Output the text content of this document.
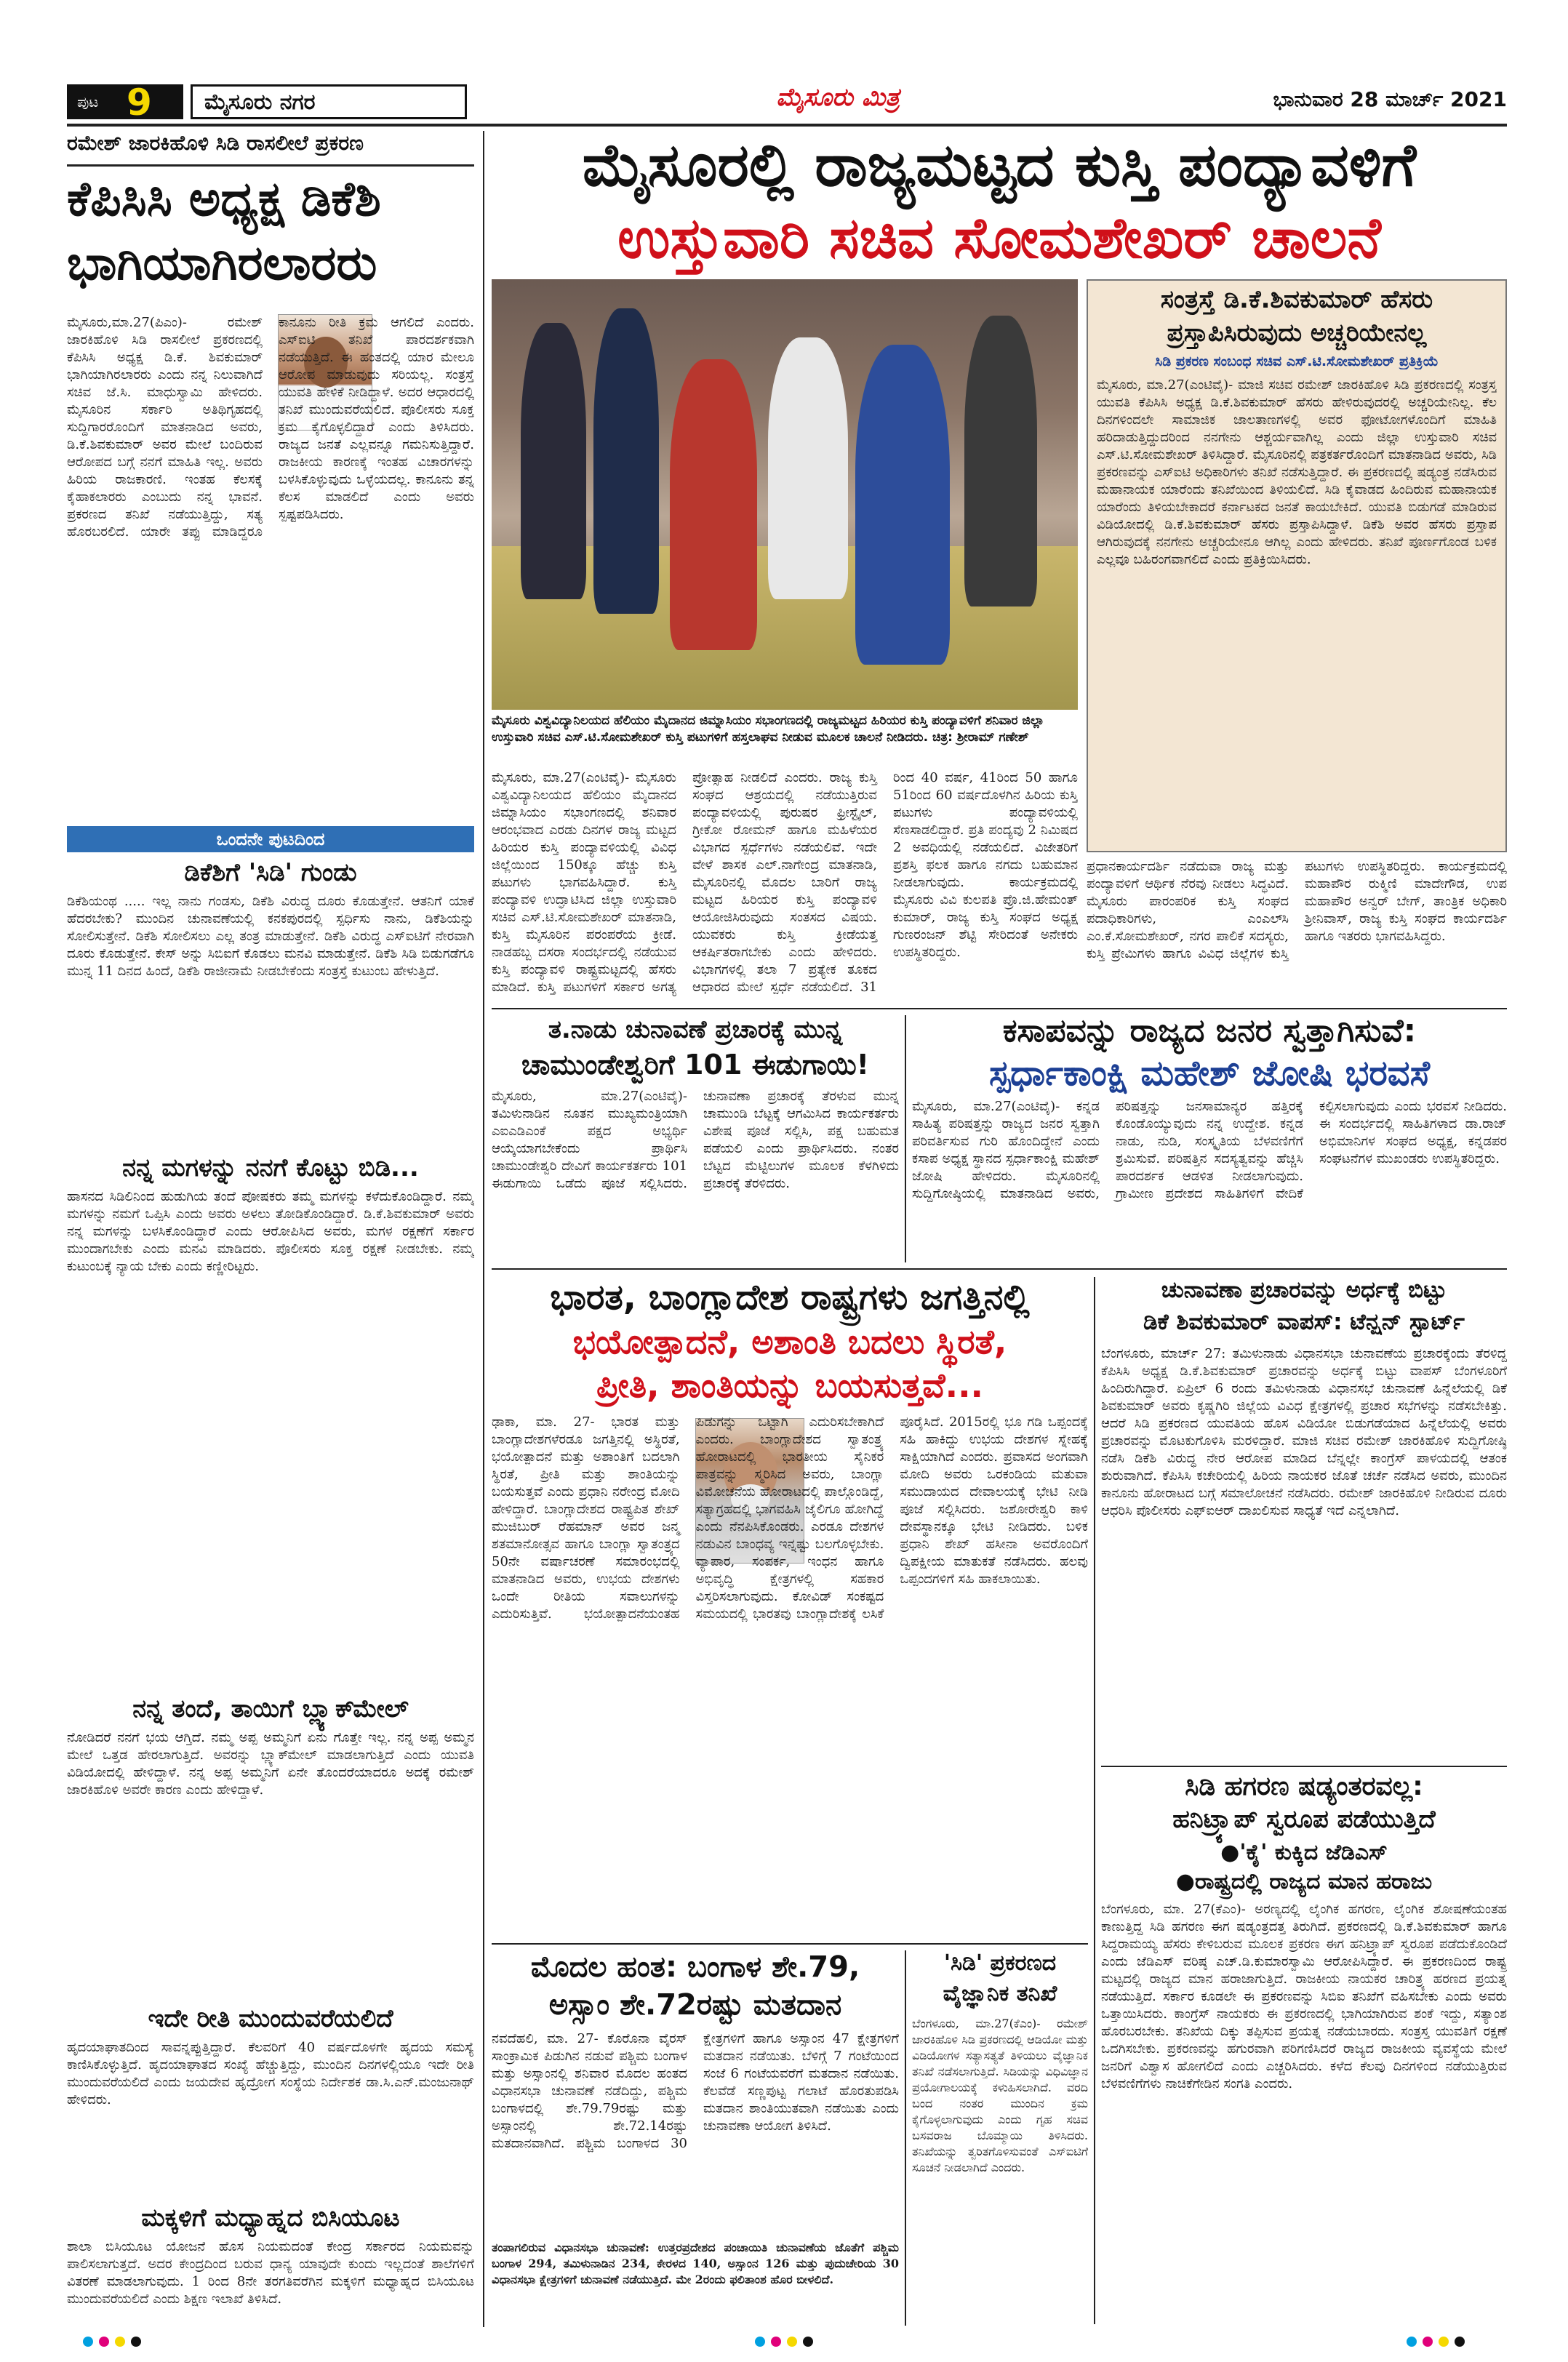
ಪುಟ 9	ಮೈಸೂರು ನಗರ	ಮೈಸೂರು ಮಿತ್ರ	ಭಾನುವಾರ 28 ಮಾರ್ಚ್ 2021
ರಮೇಶ್ ಜಾರಕಿಹೊಳಿ ಸಿಡಿ ರಾಸಲೀಲೆ ಪ್ರಕರಣ
ಕೆಪಿಸಿಸಿ ಅಧ್ಯಕ್ಷ ಡಿಕೆಶಿ
ಭಾಗಿಯಾಗಿರಲಾರರು
ಮೈಸೂರು,ಮಾ.27(ಪಿಎಂ)- ರಮೇಶ್ ಜಾರಕಿಹೊಳಿ ಸಿಡಿ ರಾಸಲೀಲೆ ಪ್ರಕರಣದಲ್ಲಿ ಕೆಪಿಸಿಸಿ ಅಧ್ಯಕ್ಷ ಡಿ.ಕೆ. ಶಿವಕುಮಾರ್ ಭಾಗಿಯಾಗಿರಲಾರರು ಎಂದು ನನ್ನ ನಿಲುವಾಗಿದೆ ಸಚಿವ ಜೆ.ಸಿ. ಮಾಧುಸ್ವಾಮಿ ಹೇಳಿದರು. ಮೈಸೂರಿನ ಸರ್ಕಾರಿ ಅತಿಥಿಗೃಹದಲ್ಲಿ ಸುದ್ದಿಗಾರರೊಂದಿಗೆ ಮಾತನಾಡಿದ ಅವರು, ಡಿ.ಕೆ.ಶಿವಕುಮಾರ್ ಅವರ ಮೇಲೆ ಬಂದಿರುವ ಆರೋಪದ ಬಗ್ಗೆ ನನಗೆ ಮಾಹಿತಿ ಇಲ್ಲ. ಅವರು ಹಿರಿಯ ರಾಜಕಾರಣಿ. ಇಂತಹ ಕೆಲಸಕ್ಕೆ ಕೈಹಾಕಲಾರರು ಎಂಬುದು ನನ್ನ ಭಾವನೆ. ಪ್ರಕರಣದ ತನಿಖೆ ನಡೆಯುತ್ತಿದ್ದು, ಸತ್ಯ ಹೊರಬರಲಿದೆ. ಯಾರೇ ತಪ್ಪು ಮಾಡಿದ್ದರೂ ಕಾನೂನು ರೀತಿ ಕ್ರಮ ಆಗಲಿದೆ ಎಂದರು. ಎಸ್‍ಐಟಿ ತನಿಖೆ ಪಾರದರ್ಶಕವಾಗಿ ನಡೆಯುತ್ತಿದೆ. ಈ ಹಂತದಲ್ಲಿ ಯಾರ ಮೇಲೂ ಆರೋಪ ಮಾಡುವುದು ಸರಿಯಲ್ಲ. ಸಂತ್ರಸ್ತೆ ಯುವತಿ ಹೇಳಿಕೆ ನೀಡಿದ್ದಾಳೆ. ಅದರ ಆಧಾರದಲ್ಲಿ ತನಿಖೆ ಮುಂದುವರೆಯಲಿದೆ. ಪೊಲೀಸರು ಸೂಕ್ತ ಕ್ರಮ ಕೈಗೊಳ್ಳಲಿದ್ದಾರೆ ಎಂದು ತಿಳಿಸಿದರು. ರಾಜ್ಯದ ಜನತೆ ಎಲ್ಲವನ್ನೂ ಗಮನಿಸುತ್ತಿದ್ದಾರೆ. ರಾಜಕೀಯ ಕಾರಣಕ್ಕೆ ಇಂತಹ ವಿಚಾರಗಳನ್ನು ಬಳಸಿಕೊಳ್ಳುವುದು ಒಳ್ಳೆಯದಲ್ಲ. ಕಾನೂನು ತನ್ನ ಕೆಲಸ ಮಾಡಲಿದೆ ಎಂದು ಅವರು ಸ್ಪಷ್ಟಪಡಿಸಿದರು.
ಒಂದನೇ ಪುಟದಿಂದ
ಡಿಕೆಶಿಗೆ 'ಸಿಡಿ' ಗುಂಡು
ಡಿಕೆಶಿಯಂಥ ..... ಇಲ್ಲ ನಾನು ಗಂಡಸು, ಡಿಕೆಶಿ ವಿರುದ್ಧ ದೂರು ಕೊಡುತ್ತೇನೆ. ಆತನಿಗೆ ಯಾಕೆ ಹೆದರಬೇಕು? ಮುಂದಿನ ಚುನಾವಣೆಯಲ್ಲಿ ಕನಕಪುರದಲ್ಲಿ ಸ್ಪರ್ಧಿಸು ನಾನು, ಡಿಕೆಶಿಯನ್ನು ಸೋಲಿಸುತ್ತೇನೆ. ಡಿಕೆಶಿ ಸೋಲಿಸಲು ಎಲ್ಲ ತಂತ್ರ ಮಾಡುತ್ತೇನೆ. ಡಿಕೆಶಿ ವಿರುದ್ಧ ಎಸ್‍ಐಟಿಗೆ ನೇರವಾಗಿ ದೂರು ಕೊಡುತ್ತೇನೆ. ಕೇಸ್ ಅನ್ನು ಸಿಬಿಐಗೆ ಕೊಡಲು ಮನವಿ ಮಾಡುತ್ತೇನೆ. ಡಿಕೆಶಿ ಸಿಡಿ ಬಿಡುಗಡೆಗೂ ಮುನ್ನ 11 ದಿನದ ಹಿಂದೆ, ಡಿಕೆಶಿ ರಾಜೀನಾಮೆ ನೀಡಬೇಕೆಂದು ಸಂತ್ರಸ್ತೆ ಕುಟುಂಬ ಹೇಳುತ್ತಿದೆ.
ನನ್ನ ಮಗಳನ್ನು ನನಗೆ ಕೊಟ್ಟು ಬಿಡಿ...
ಹಾಸನದ ಸಿಡಿಲಿನಿಂದ ಹುಡುಗಿಯ ತಂದೆ ಪೋಷಕರು ತಮ್ಮ ಮಗಳನ್ನು ಕಳೆದುಕೊಂಡಿದ್ದಾರೆ. ನಮ್ಮ ಮಗಳನ್ನು ನಮಗೆ ಒಪ್ಪಿಸಿ ಎಂದು ಅವರು ಅಳಲು ತೋಡಿಕೊಂಡಿದ್ದಾರೆ. ಡಿ.ಕೆ.ಶಿವಕುಮಾರ್ ಅವರು ನನ್ನ ಮಗಳನ್ನು ಬಳಸಿಕೊಂಡಿದ್ದಾರೆ ಎಂದು ಆರೋಪಿಸಿದ ಅವರು, ಮಗಳ ರಕ್ಷಣೆಗೆ ಸರ್ಕಾರ ಮುಂದಾಗಬೇಕು ಎಂದು ಮನವಿ ಮಾಡಿದರು. ಪೊಲೀಸರು ಸೂಕ್ತ ರಕ್ಷಣೆ ನೀಡಬೇಕು. ನಮ್ಮ ಕುಟುಂಬಕ್ಕೆ ನ್ಯಾಯ ಬೇಕು ಎಂದು ಕಣ್ಣೀರಿಟ್ಟರು.
ನನ್ನ ತಂದೆ, ತಾಯಿಗೆ ಬ್ಲ್ಯಾಕ್‍ಮೇಲ್
ನೋಡಿದರೆ ನನಗೆ ಭಯ ಆಗ್ತಿದೆ. ನಮ್ಮ ಅಪ್ಪ ಅಮ್ಮನಿಗೆ ಏನು ಗೊತ್ತೇ ಇಲ್ಲ. ನನ್ನ ಅಪ್ಪ ಅಮ್ಮನ ಮೇಲೆ ಒತ್ತಡ ಹೇರಲಾಗುತ್ತಿದೆ. ಅವರನ್ನು ಬ್ಲ್ಯಾಕ್‍ಮೇಲ್ ಮಾಡಲಾಗುತ್ತಿದೆ ಎಂದು ಯುವತಿ ವಿಡಿಯೋದಲ್ಲಿ ಹೇಳಿದ್ದಾಳೆ. ನನ್ನ ಅಪ್ಪ ಅಮ್ಮನಿಗೆ ಏನೇ ತೊಂದರೆಯಾದರೂ ಅದಕ್ಕೆ ರಮೇಶ್ ಜಾರಕಿಹೊಳಿ ಅವರೇ ಕಾರಣ ಎಂದು ಹೇಳಿದ್ದಾಳೆ.
ಇದೇ ರೀತಿ ಮುಂದುವರೆಯಲಿದೆ
ಹೃದಯಾಘಾತದಿಂದ ಸಾವನ್ನಪ್ಪುತ್ತಿದ್ದಾರೆ. ಕೆಲವರಿಗೆ 40 ವರ್ಷದೊಳಗೇ ಹೃದಯ ಸಮಸ್ಯೆ ಕಾಣಿಸಿಕೊಳ್ಳುತ್ತಿದೆ. ಹೃದಯಾಘಾತದ ಸಂಖ್ಯೆ ಹೆಚ್ಚುತ್ತಿದ್ದು, ಮುಂದಿನ ದಿನಗಳಲ್ಲಿಯೂ ಇದೇ ರೀತಿ ಮುಂದುವರೆಯಲಿದೆ ಎಂದು ಜಯದೇವ ಹೃದ್ರೋಗ ಸಂಸ್ಥೆಯ ನಿರ್ದೇಶಕ ಡಾ.ಸಿ.ಎನ್.ಮಂಜುನಾಥ್ ಹೇಳಿದರು.
ಮಕ್ಕಳಿಗೆ ಮಧ್ಯಾಹ್ನದ ಬಿಸಿಯೂಟ
ಶಾಲಾ ಬಿಸಿಯೂಟ ಯೋಜನೆ ಹೊಸ ನಿಯಮದಂತೆ ಕೇಂದ್ರ ಸರ್ಕಾರದ ನಿಯಮವನ್ನು ಪಾಲಿಸಲಾಗುತ್ತದೆ. ಅದರ ಕೇಂದ್ರದಿಂದ ಬರುವ ಧಾನ್ಯ ಯಾವುದೇ ಕುಂದು ಇಲ್ಲದಂತೆ ಶಾಲೆಗಳಿಗೆ ವಿತರಣೆ ಮಾಡಲಾಗುವುದು. 1 ರಿಂದ 8ನೇ ತರಗತಿವರೆಗಿನ ಮಕ್ಕಳಿಗೆ ಮಧ್ಯಾಹ್ನದ ಬಿಸಿಯೂಟ ಮುಂದುವರೆಯಲಿದೆ ಎಂದು ಶಿಕ್ಷಣ ಇಲಾಖೆ ತಿಳಿಸಿದೆ.
ಮೈಸೂರಲ್ಲಿ ರಾಜ್ಯಮಟ್ಟದ ಕುಸ್ತಿ ಪಂದ್ಯಾವಳಿಗೆ
ಉಸ್ತುವಾರಿ ಸಚಿವ ಸೋಮಶೇಖರ್ ಚಾಲನೆ
ಮೈಸೂರು ವಿಶ್ವವಿದ್ಯಾನಿಲಯದ ಹೆಲಿಯಂ ಮೈದಾನದ ಜಿಮ್ನಾಸಿಯಂ ಸಭಾಂಗಣದಲ್ಲಿ ರಾಜ್ಯಮಟ್ಟದ ಹಿರಿಯರ ಕುಸ್ತಿ ಪಂದ್ಯಾವಳಿಗೆ ಶನಿವಾರ ಜಿಲ್ಲಾ ಉಸ್ತುವಾರಿ ಸಚಿವ ಎಸ್.ಟಿ.ಸೋಮಶೇಖರ್ ಕುಸ್ತಿ ಪಟುಗಳಿಗೆ ಹಸ್ತಲಾಘವ ನೀಡುವ ಮೂಲಕ ಚಾಲನೆ ನೀಡಿದರು. ಚಿತ್ರ: ಶ್ರೀರಾಮ್ ಗಣೇಶ್
ಮೈಸೂರು, ಮಾ.27(ಎಂಟಿವೈ)- ಮೈಸೂರು ವಿಶ್ವವಿದ್ಯಾನಿಲಯದ ಹೆಲಿಯಂ ಮೈದಾನದ ಜಿಮ್ನಾಸಿಯಂ ಸಭಾಂಗಣದಲ್ಲಿ ಶನಿವಾರ ಆರಂಭವಾದ ಎರಡು ದಿನಗಳ ರಾಜ್ಯ ಮಟ್ಟದ ಹಿರಿಯರ ಕುಸ್ತಿ ಪಂದ್ಯಾವಳಿಯಲ್ಲಿ ವಿವಿಧ ಜಿಲ್ಲೆಯಿಂದ 150ಕ್ಕೂ ಹೆಚ್ಚು ಕುಸ್ತಿ ಪಟುಗಳು ಭಾಗವಹಿಸಿದ್ದಾರೆ. ಕುಸ್ತಿ ಪಂದ್ಯಾವಳಿ ಉದ್ಘಾಟಿಸಿದ ಜಿಲ್ಲಾ ಉಸ್ತುವಾರಿ ಸಚಿವ ಎಸ್.ಟಿ.ಸೋಮಶೇಖರ್ ಮಾತನಾಡಿ, ಕುಸ್ತಿ ಮೈಸೂರಿನ ಪರಂಪರೆಯ ಕ್ರೀಡೆ. ನಾಡಹಬ್ಬ ದಸರಾ ಸಂದರ್ಭದಲ್ಲಿ ನಡೆಯುವ ಕುಸ್ತಿ ಪಂದ್ಯಾವಳಿ ರಾಷ್ಟ್ರಮಟ್ಟದಲ್ಲಿ ಹೆಸರು ಮಾಡಿದೆ. ಕುಸ್ತಿ ಪಟುಗಳಿಗೆ ಸರ್ಕಾರ ಅಗತ್ಯ ಪ್ರೋತ್ಸಾಹ ನೀಡಲಿದೆ ಎಂದರು. ರಾಜ್ಯ ಕುಸ್ತಿ ಸಂಘದ ಆಶ್ರಯದಲ್ಲಿ ನಡೆಯುತ್ತಿರುವ ಪಂದ್ಯಾವಳಿಯಲ್ಲಿ ಪುರುಷರ ಫ್ರೀಸ್ಟೈಲ್, ಗ್ರೀಕೋ ರೋಮನ್ ಹಾಗೂ ಮಹಿಳೆಯರ ವಿಭಾಗದ ಸ್ಪರ್ಧೆಗಳು ನಡೆಯಲಿವೆ. ಇದೇ ವೇಳೆ ಶಾಸಕ ಎಲ್.ನಾಗೇಂದ್ರ ಮಾತನಾಡಿ, ಮೈಸೂರಿನಲ್ಲಿ ಮೊದಲ ಬಾರಿಗೆ ರಾಜ್ಯ ಮಟ್ಟದ ಹಿರಿಯರ ಕುಸ್ತಿ ಪಂದ್ಯಾವಳಿ ಆಯೋಜಿಸಿರುವುದು ಸಂತಸದ ವಿಷಯ. ಯುವಕರು ಕುಸ್ತಿ ಕ್ರೀಡೆಯತ್ತ ಆಕರ್ಷಿತರಾಗಬೇಕು ಎಂದು ಹೇಳಿದರು. ವಿಭಾಗಗಳಲ್ಲಿ ತಲಾ 7 ಪ್ರತ್ಯೇಕ ತೂಕದ ಆಧಾರದ ಮೇಲೆ ಸ್ಪರ್ಧೆ ನಡೆಯಲಿದೆ. 31 ರಿಂದ 40 ವರ್ಷ, 41ರಿಂದ 50 ಹಾಗೂ 51ರಿಂದ 60 ವರ್ಷದೊಳಗಿನ ಹಿರಿಯ ಕುಸ್ತಿ ಪಟುಗಳು ಪಂದ್ಯಾವಳಿಯಲ್ಲಿ ಸೆಣಸಾಡಲಿದ್ದಾರೆ. ಪ್ರತಿ ಪಂದ್ಯವು 2 ನಿಮಿಷದ 2 ಅವಧಿಯಲ್ಲಿ ನಡೆಯಲಿದೆ. ವಿಜೇತರಿಗೆ ಪ್ರಶಸ್ತಿ ಫಲಕ ಹಾಗೂ ನಗದು ಬಹುಮಾನ ನೀಡಲಾಗುವುದು. ಕಾರ್ಯಕ್ರಮದಲ್ಲಿ ಮೈಸೂರು ವಿವಿ ಕುಲಪತಿ ಪ್ರೊ.ಜಿ.ಹೇಮಂತ್ ಕುಮಾರ್, ರಾಜ್ಯ ಕುಸ್ತಿ ಸಂಘದ ಅಧ್ಯಕ್ಷ ಗುಣರಂಜನ್ ಶೆಟ್ಟಿ ಸೇರಿದಂತೆ ಅನೇಕರು ಉಪಸ್ಥಿತರಿದ್ದರು.
ಸಂತ್ರಸ್ತೆ ಡಿ.ಕೆ.ಶಿವಕುಮಾರ್ ಹೆಸರು
ಪ್ರಸ್ತಾಪಿಸಿರುವುದು ಅಚ್ಚರಿಯೇನಲ್ಲ
ಸಿಡಿ ಪ್ರಕರಣ ಸಂಬಂಧ ಸಚಿವ ಎಸ್.ಟಿ.ಸೋಮಶೇಖರ್ ಪ್ರತಿಕ್ರಿಯೆ
ಮೈಸೂರು, ಮಾ.27(ಎಂಟಿವೈ)- ಮಾಜಿ ಸಚಿವ ರಮೇಶ್ ಜಾರಕಿಹೊಳಿ ಸಿಡಿ ಪ್ರಕರಣದಲ್ಲಿ ಸಂತ್ರಸ್ತ ಯುವತಿ ಕೆಪಿಸಿಸಿ ಅಧ್ಯಕ್ಷ ಡಿ.ಕೆ.ಶಿವಕುಮಾರ್ ಹೆಸರು ಹೇಳಿರುವುದರಲ್ಲಿ ಅಚ್ಚರಿಯೇನಿಲ್ಲ. ಕೆಲ ದಿನಗಳಿಂದಲೇ ಸಾಮಾಜಿಕ ಜಾಲತಾಣಗಳಲ್ಲಿ ಅವರ ಫೋಟೋಗಳೊಂದಿಗೆ ಮಾಹಿತಿ ಹರಿದಾಡುತ್ತಿದ್ದುದರಿಂದ ನನಗೇನು ಆಶ್ಚರ್ಯವಾಗಿಲ್ಲ ಎಂದು ಜಿಲ್ಲಾ ಉಸ್ತುವಾರಿ ಸಚಿವ ಎಸ್.ಟಿ.ಸೋಮಶೇಖರ್ ತಿಳಿಸಿದ್ದಾರೆ. ಮೈಸೂರಿನಲ್ಲಿ ಪತ್ರಕರ್ತರೊಂದಿಗೆ ಮಾತನಾಡಿದ ಅವರು, ಸಿಡಿ ಪ್ರಕರಣವನ್ನು ಎಸ್‍ಐಟಿ ಅಧಿಕಾರಿಗಳು ತನಿಖೆ ನಡೆಸುತ್ತಿದ್ದಾರೆ. ಈ ಪ್ರಕರಣದಲ್ಲಿ ಷಡ್ಯಂತ್ರ ನಡೆಸಿರುವ ಮಹಾನಾಯಕ ಯಾರೆಂದು ತನಿಖೆಯಿಂದ ತಿಳಿಯಲಿದೆ. ಸಿಡಿ ಕೈವಾಡದ ಹಿಂದಿರುವ ಮಹಾನಾಯಕ ಯಾರೆಂದು ತಿಳಿಯಬೇಕಾದರೆ ಕರ್ನಾಟಕದ ಜನತೆ ಕಾಯಬೇಕಿದೆ. ಯುವತಿ ಬಿಡುಗಡೆ ಮಾಡಿರುವ ವಿಡಿಯೋದಲ್ಲಿ ಡಿ.ಕೆ.ಶಿವಕುಮಾರ್ ಹೆಸರು ಪ್ರಸ್ತಾಪಿಸಿದ್ದಾಳೆ. ಡಿಕೆಶಿ ಅವರ ಹೆಸರು ಪ್ರಸ್ತಾಪ ಆಗಿರುವುದಕ್ಕೆ ನನಗೇನು ಅಚ್ಚರಿಯೇನೂ ಆಗಿಲ್ಲ ಎಂದು ಹೇಳಿದರು. ತನಿಖೆ ಪೂರ್ಣಗೊಂಡ ಬಳಿಕ ಎಲ್ಲವೂ ಬಹಿರಂಗವಾಗಲಿದೆ ಎಂದು ಪ್ರತಿಕ್ರಿಯಿಸಿದರು.
ಪ್ರಧಾನಕಾರ್ಯದರ್ಶಿ ನಡೆದುವಾ ರಾಜ್ಯ ಮತ್ತು ಪಂದ್ಯಾವಳಿಗೆ ಆರ್ಥಿಕ ನೆರವು ನೀಡಲು ಸಿದ್ಧವಿದೆ. ಮೈಸೂರು ಪಾರಂಪರಿಕ ಕುಸ್ತಿ ಸಂಘದ ಪದಾಧಿಕಾರಿಗಳು, ಎಂಎಲ್‍ಸಿ ಎಂ.ಕೆ.ಸೋಮಶೇಖರ್, ನಗರ ಪಾಲಿಕೆ ಸದಸ್ಯರು, ಕುಸ್ತಿ ಪ್ರೇಮಿಗಳು ಹಾಗೂ ವಿವಿಧ ಜಿಲ್ಲೆಗಳ ಕುಸ್ತಿ ಪಟುಗಳು ಉಪಸ್ಥಿತರಿದ್ದರು. ಕಾರ್ಯಕ್ರಮದಲ್ಲಿ ಮಹಾಪೌರ ರುಕ್ಮಿಣಿ ಮಾದೇಗೌಡ, ಉಪ ಮಹಾಪೌರ ಅನ್ವರ್ ಬೇಗ್, ತಾಂತ್ರಿಕ ಅಧಿಕಾರಿ ಶ್ರೀನಿವಾಸ್, ರಾಜ್ಯ ಕುಸ್ತಿ ಸಂಘದ ಕಾರ್ಯದರ್ಶಿ ಹಾಗೂ ಇತರರು ಭಾಗವಹಿಸಿದ್ದರು.
ತ.ನಾಡು ಚುನಾವಣೆ ಪ್ರಚಾರಕ್ಕೆ ಮುನ್ನ
ಚಾಮುಂಡೇಶ್ವರಿಗೆ 101 ಈಡುಗಾಯಿ!
ಮೈಸೂರು, ಮಾ.27(ಎಂಟಿವೈ)- ತಮಿಳುನಾಡಿನ ನೂತನ ಮುಖ್ಯಮಂತ್ರಿಯಾಗಿ ಎಐಎಡಿಎಂಕೆ ಪಕ್ಷದ ಅಭ್ಯರ್ಥಿ ಆಯ್ಕೆಯಾಗಬೇಕೆಂದು ಪ್ರಾರ್ಥಿಸಿ ಚಾಮುಂಡೇಶ್ವರಿ ದೇವಿಗೆ ಕಾರ್ಯಕರ್ತರು 101 ಈಡುಗಾಯಿ ಒಡೆದು ಪೂಜೆ ಸಲ್ಲಿಸಿದರು. ಚುನಾವಣಾ ಪ್ರಚಾರಕ್ಕೆ ತೆರಳುವ ಮುನ್ನ ಚಾಮುಂಡಿ ಬೆಟ್ಟಕ್ಕೆ ಆಗಮಿಸಿದ ಕಾರ್ಯಕರ್ತರು ವಿಶೇಷ ಪೂಜೆ ಸಲ್ಲಿಸಿ, ಪಕ್ಷ ಬಹುಮತ ಪಡೆಯಲಿ ಎಂದು ಪ್ರಾರ್ಥಿಸಿದರು. ನಂತರ ಬೆಟ್ಟದ ಮೆಟ್ಟಿಲುಗಳ ಮೂಲಕ ಕೆಳಗಿಳಿದು ಪ್ರಚಾರಕ್ಕೆ ತೆರಳಿದರು.
ಕಸಾಪವನ್ನು ರಾಜ್ಯದ ಜನರ ಸ್ವತ್ತಾಗಿಸುವೆ:
ಸ್ಪರ್ಧಾಕಾಂಕ್ಷಿ ಮಹೇಶ್ ಜೋಷಿ ಭರವಸೆ
ಮೈಸೂರು, ಮಾ.27(ಎಂಟಿವೈ)- ಕನ್ನಡ ಸಾಹಿತ್ಯ ಪರಿಷತ್ತನ್ನು ರಾಜ್ಯದ ಜನರ ಸ್ವತ್ತಾಗಿ ಪರಿವರ್ತಿಸುವ ಗುರಿ ಹೊಂದಿದ್ದೇನೆ ಎಂದು ಕಸಾಪ ಅಧ್ಯಕ್ಷ ಸ್ಥಾನದ ಸ್ಪರ್ಧಾಕಾಂಕ್ಷಿ ಮಹೇಶ್ ಜೋಷಿ ಹೇಳಿದರು. ಮೈಸೂರಿನಲ್ಲಿ ಸುದ್ದಿಗೋಷ್ಠಿಯಲ್ಲಿ ಮಾತನಾಡಿದ ಅವರು, ಪರಿಷತ್ತನ್ನು ಜನಸಾಮಾನ್ಯರ ಹತ್ತಿರಕ್ಕೆ ಕೊಂಡೊಯ್ಯುವುದು ನನ್ನ ಉದ್ದೇಶ. ಕನ್ನಡ ನಾಡು, ನುಡಿ, ಸಂಸ್ಕೃತಿಯ ಬೆಳವಣಿಗೆಗೆ ಶ್ರಮಿಸುವೆ. ಪರಿಷತ್ತಿನ ಸದಸ್ಯತ್ವವನ್ನು ಹೆಚ್ಚಿಸಿ ಪಾರದರ್ಶಕ ಆಡಳಿತ ನೀಡಲಾಗುವುದು. ಗ್ರಾಮೀಣ ಪ್ರದೇಶದ ಸಾಹಿತಿಗಳಿಗೆ ವೇದಿಕೆ ಕಲ್ಪಿಸಲಾಗುವುದು ಎಂದು ಭರವಸೆ ನೀಡಿದರು. ಈ ಸಂದರ್ಭದಲ್ಲಿ ಸಾಹಿತಿಗಳಾದ ಡಾ.ರಾಜ್ ಅಭಿಮಾನಿಗಳ ಸಂಘದ ಅಧ್ಯಕ್ಷ, ಕನ್ನಡಪರ ಸಂಘಟನೆಗಳ ಮುಖಂಡರು ಉಪಸ್ಥಿತರಿದ್ದರು.
ಭಾರತ, ಬಾಂಗ್ಲಾದೇಶ ರಾಷ್ಟ್ರಗಳು ಜಗತ್ತಿನಲ್ಲಿ
ಭಯೋತ್ಪಾದನೆ, ಅಶಾಂತಿ ಬದಲು ಸ್ಥಿರತೆ,
ಪ್ರೀತಿ, ಶಾಂತಿಯನ್ನು ಬಯಸುತ್ತವೆ...
ಢಾಕಾ, ಮಾ. 27- ಭಾರತ ಮತ್ತು ಬಾಂಗ್ಲಾದೇಶಗಳೆರಡೂ ಜಗತ್ತಿನಲ್ಲಿ ಅಸ್ಥಿರತೆ, ಭಯೋತ್ಪಾದನೆ ಮತ್ತು ಅಶಾಂತಿಗೆ ಬದಲಾಗಿ ಸ್ಥಿರತೆ, ಪ್ರೀತಿ ಮತ್ತು ಶಾಂತಿಯನ್ನು ಬಯಸುತ್ತವೆ ಎಂದು ಪ್ರಧಾನಿ ನರೇಂದ್ರ ಮೋದಿ ಹೇಳಿದ್ದಾರೆ. ಬಾಂಗ್ಲಾದೇಶದ ರಾಷ್ಟ್ರಪಿತ ಶೇಖ್ ಮುಜಿಬುರ್ ರೆಹಮಾನ್ ಅವರ ಜನ್ಮ ಶತಮಾನೋತ್ಸವ ಹಾಗೂ ಬಾಂಗ್ಲಾ ಸ್ವಾತಂತ್ರ್ಯದ 50ನೇ ವರ್ಷಾಚರಣೆ ಸಮಾರಂಭದಲ್ಲಿ ಮಾತನಾಡಿದ ಅವರು, ಉಭಯ ದೇಶಗಳು ಒಂದೇ ರೀತಿಯ ಸವಾಲುಗಳನ್ನು ಎದುರಿಸುತ್ತಿವೆ. ಭಯೋತ್ಪಾದನೆಯಂತಹ ಪಿಡುಗನ್ನು ಒಟ್ಟಾಗಿ ಎದುರಿಸಬೇಕಾಗಿದೆ ಎಂದರು. ಬಾಂಗ್ಲಾದೇಶದ ಸ್ವಾತಂತ್ರ್ಯ ಹೋರಾಟದಲ್ಲಿ ಭಾರತೀಯ ಸೈನಿಕರ ಪಾತ್ರವನ್ನು ಸ್ಮರಿಸಿದ ಅವರು, ಬಾಂಗ್ಲಾ ವಿಮೋಚನೆಯ ಹೋರಾಟದಲ್ಲಿ ಪಾಲ್ಗೊಂಡಿದ್ದೆ, ಸತ್ಯಾಗ್ರಹದಲ್ಲಿ ಭಾಗವಹಿಸಿ ಜೈಲಿಗೂ ಹೋಗಿದ್ದೆ ಎಂದು ನೆನಪಿಸಿಕೊಂಡರು. ಎರಡೂ ದೇಶಗಳ ನಡುವಿನ ಬಾಂಧವ್ಯ ಇನ್ನಷ್ಟು ಬಲಗೊಳ್ಳಬೇಕು. ವ್ಯಾಪಾರ, ಸಂಪರ್ಕ, ಇಂಧನ ಹಾಗೂ ಅಭಿವೃದ್ಧಿ ಕ್ಷೇತ್ರಗಳಲ್ಲಿ ಸಹಕಾರ ವಿಸ್ತರಿಸಲಾಗುವುದು. ಕೋವಿಡ್ ಸಂಕಷ್ಟದ ಸಮಯದಲ್ಲಿ ಭಾರತವು ಬಾಂಗ್ಲಾದೇಶಕ್ಕೆ ಲಸಿಕೆ ಪೂರೈಸಿದೆ. 2015ರಲ್ಲಿ ಭೂ ಗಡಿ ಒಪ್ಪಂದಕ್ಕೆ ಸಹಿ ಹಾಕಿದ್ದು ಉಭಯ ದೇಶಗಳ ಸ್ನೇಹಕ್ಕೆ ಸಾಕ್ಷಿಯಾಗಿದೆ ಎಂದರು. ಪ್ರವಾಸದ ಅಂಗವಾಗಿ ಮೋದಿ ಅವರು ಒರಕಂಡಿಯ ಮತುವಾ ಸಮುದಾಯದ ದೇವಾಲಯಕ್ಕೆ ಭೇಟಿ ನೀಡಿ ಪೂಜೆ ಸಲ್ಲಿಸಿದರು. ಜಶೋರೇಶ್ವರಿ ಕಾಳಿ ದೇವಸ್ಥಾನಕ್ಕೂ ಭೇಟಿ ನೀಡಿದರು. ಬಳಿಕ ಪ್ರಧಾನಿ ಶೇಖ್ ಹಸೀನಾ ಅವರೊಂದಿಗೆ ದ್ವಿಪಕ್ಷೀಯ ಮಾತುಕತೆ ನಡೆಸಿದರು. ಹಲವು ಒಪ್ಪಂದಗಳಿಗೆ ಸಹಿ ಹಾಕಲಾಯಿತು.
ಚುನಾವಣಾ ಪ್ರಚಾರವನ್ನು ಅರ್ಧಕ್ಕೆ ಬಿಟ್ಟು
ಡಿಕೆ ಶಿವಕುಮಾರ್ ವಾಪಸ್: ಟೆನ್ಷನ್ ಸ್ಟಾರ್ಟ್
ಬೆಂಗಳೂರು, ಮಾರ್ಚ್ 27: ತಮಿಳುನಾಡು ವಿಧಾನಸಭಾ ಚುನಾವಣೆಯ ಪ್ರಚಾರಕ್ಕೆಂದು ತೆರಳಿದ್ದ ಕೆಪಿಸಿಸಿ ಅಧ್ಯಕ್ಷ ಡಿ.ಕೆ.ಶಿವಕುಮಾರ್ ಪ್ರಚಾರವನ್ನು ಅರ್ಧಕ್ಕೆ ಬಿಟ್ಟು ವಾಪಸ್ ಬೆಂಗಳೂರಿಗೆ ಹಿಂದಿರುಗಿದ್ದಾರೆ. ಏಪ್ರಿಲ್ 6 ರಂದು ತಮಿಳುನಾಡು ವಿಧಾನಸಭೆ ಚುನಾವಣೆ ಹಿನ್ನೆಲೆಯಲ್ಲಿ ಡಿಕೆ ಶಿವಕುಮಾರ್ ಅವರು ಕೃಷ್ಣಗಿರಿ ಜಿಲ್ಲೆಯ ವಿವಿಧ ಕ್ಷೇತ್ರಗಳಲ್ಲಿ ಪ್ರಚಾರ ಸಭೆಗಳನ್ನು ನಡೆಸಬೇಕಿತ್ತು. ಆದರೆ ಸಿಡಿ ಪ್ರಕರಣದ ಯುವತಿಯ ಹೊಸ ವಿಡಿಯೋ ಬಿಡುಗಡೆಯಾದ ಹಿನ್ನೆಲೆಯಲ್ಲಿ ಅವರು ಪ್ರಚಾರವನ್ನು ಮೊಟಕುಗೊಳಿಸಿ ಮರಳಿದ್ದಾರೆ. ಮಾಜಿ ಸಚಿವ ರಮೇಶ್ ಜಾರಕಿಹೊಳಿ ಸುದ್ದಿಗೋಷ್ಠಿ ನಡೆಸಿ ಡಿಕೆಶಿ ವಿರುದ್ಧ ನೇರ ಆರೋಪ ಮಾಡಿದ ಬೆನ್ನಲ್ಲೇ ಕಾಂಗ್ರೆಸ್ ಪಾಳಯದಲ್ಲಿ ಆತಂಕ ಶುರುವಾಗಿದೆ. ಕೆಪಿಸಿಸಿ ಕಚೇರಿಯಲ್ಲಿ ಹಿರಿಯ ನಾಯಕರ ಜೊತೆ ಚರ್ಚೆ ನಡೆಸಿದ ಅವರು, ಮುಂದಿನ ಕಾನೂನು ಹೋರಾಟದ ಬಗ್ಗೆ ಸಮಾಲೋಚನೆ ನಡೆಸಿದರು. ರಮೇಶ್ ಜಾರಕಿಹೊಳಿ ನೀಡಿರುವ ದೂರು ಆಧರಿಸಿ ಪೊಲೀಸರು ಎಫ್‍ಐಆರ್ ದಾಖಲಿಸುವ ಸಾಧ್ಯತೆ ಇದೆ ಎನ್ನಲಾಗಿದೆ.
ಸಿಡಿ ಹಗರಣ ಷಡ್ಯಂತರವಲ್ಲ:
ಹನಿಟ್ರ್ಯಾಪ್ ಸ್ವರೂಪ ಪಡೆಯುತ್ತಿದೆ
●'ಕೈ' ಕುಕ್ಕಿದ ಜೆಡಿಎಸ್
●ರಾಷ್ಟ್ರದಲ್ಲಿ ರಾಜ್ಯದ ಮಾನ ಹರಾಜು
ಬೆಂಗಳೂರು, ಮಾ. 27(ಕೆಎಂ)- ಅರಣ್ಯದಲ್ಲಿ ಲೈಂಗಿಕ ಹಗರಣ, ಲೈಂಗಿಕ ಶೋಷಣೆಯಂತಹ ಕಾಣುತ್ತಿದ್ದ ಸಿಡಿ ಹಗರಣ ಈಗ ಷಡ್ಯಂತ್ರದತ್ತ ತಿರುಗಿದೆ. ಪ್ರಕರಣದಲ್ಲಿ ಡಿ.ಕೆ.ಶಿವಕುಮಾರ್ ಹಾಗೂ ಸಿದ್ದರಾಮಯ್ಯ ಹೆಸರು ಕೇಳಿಬರುವ ಮೂಲಕ ಪ್ರಕರಣ ಈಗ ಹನಿಟ್ರ್ಯಾಪ್ ಸ್ವರೂಪ ಪಡೆದುಕೊಂಡಿದೆ ಎಂದು ಜೆಡಿಎಸ್ ವರಿಷ್ಠ ಎಚ್.ಡಿ.ಕುಮಾರಸ್ವಾಮಿ ಆರೋಪಿಸಿದ್ದಾರೆ. ಈ ಪ್ರಕರಣದಿಂದ ರಾಷ್ಟ್ರ ಮಟ್ಟದಲ್ಲಿ ರಾಜ್ಯದ ಮಾನ ಹರಾಜಾಗುತ್ತಿದೆ. ರಾಜಕೀಯ ನಾಯಕರ ಚಾರಿತ್ರ್ಯ ಹರಣದ ಪ್ರಯತ್ನ ನಡೆಯುತ್ತಿದೆ. ಸರ್ಕಾರ ಕೂಡಲೇ ಈ ಪ್ರಕರಣವನ್ನು ಸಿಬಿಐ ತನಿಖೆಗೆ ವಹಿಸಬೇಕು ಎಂದು ಅವರು ಒತ್ತಾಯಿಸಿದರು. ಕಾಂಗ್ರೆಸ್ ನಾಯಕರು ಈ ಪ್ರಕರಣದಲ್ಲಿ ಭಾಗಿಯಾಗಿರುವ ಶಂಕೆ ಇದ್ದು, ಸತ್ಯಾಂಶ ಹೊರಬರಬೇಕು. ತನಿಖೆಯ ದಿಕ್ಕು ತಪ್ಪಿಸುವ ಪ್ರಯತ್ನ ನಡೆಯಬಾರದು. ಸಂತ್ರಸ್ತ ಯುವತಿಗೆ ರಕ್ಷಣೆ ಒದಗಿಸಬೇಕು. ಪ್ರಕರಣವನ್ನು ಹಗುರವಾಗಿ ಪರಿಗಣಿಸಿದರೆ ರಾಜ್ಯದ ರಾಜಕೀಯ ವ್ಯವಸ್ಥೆಯ ಮೇಲೆ ಜನರಿಗೆ ವಿಶ್ವಾಸ ಹೋಗಲಿದೆ ಎಂದು ಎಚ್ಚರಿಸಿದರು. ಕಳೆದ ಕೆಲವು ದಿನಗಳಿಂದ ನಡೆಯುತ್ತಿರುವ ಬೆಳವಣಿಗೆಗಳು ನಾಚಿಕೆಗೇಡಿನ ಸಂಗತಿ ಎಂದರು.
ಮೊದಲ ಹಂತ: ಬಂಗಾಳ ಶೇ.79,
ಅಸ್ಸಾಂ ಶೇ.72ರಷ್ಟು ಮತದಾನ
ನವದೆಹಲಿ, ಮಾ. 27- ಕೊರೊನಾ ವೈರಸ್ ಸಾಂಕ್ರಾಮಿಕ ಪಿಡುಗಿನ ನಡುವೆ ಪಶ್ಚಿಮ ಬಂಗಾಳ ಮತ್ತು ಅಸ್ಸಾಂನಲ್ಲಿ ಶನಿವಾರ ಮೊದಲ ಹಂತದ ವಿಧಾನಸಭಾ ಚುನಾವಣೆ ನಡೆದಿದ್ದು, ಪಶ್ಚಿಮ ಬಂಗಾಳದಲ್ಲಿ ಶೇ.79.79ರಷ್ಟು ಮತ್ತು ಅಸ್ಸಾಂನಲ್ಲಿ ಶೇ.72.14ರಷ್ಟು ಮತದಾನವಾಗಿದೆ. ಪಶ್ಚಿಮ ಬಂಗಾಳದ 30 ಕ್ಷೇತ್ರಗಳಿಗೆ ಹಾಗೂ ಅಸ್ಸಾಂನ 47 ಕ್ಷೇತ್ರಗಳಿಗೆ ಮತದಾನ ನಡೆಯಿತು. ಬೆಳಿಗ್ಗೆ 7 ಗಂಟೆಯಿಂದ ಸಂಜೆ 6 ಗಂಟೆಯವರೆಗೆ ಮತದಾನ ನಡೆಯಿತು. ಕೆಲವೆಡೆ ಸಣ್ಣಪುಟ್ಟ ಗಲಾಟೆ ಹೊರತುಪಡಿಸಿ ಮತದಾನ ಶಾಂತಿಯುತವಾಗಿ ನಡೆಯಿತು ಎಂದು ಚುನಾವಣಾ ಆಯೋಗ ತಿಳಿಸಿದೆ.
ತಂಪಾಗಲಿರುವ ವಿಧಾನಸಭಾ ಚುನಾವಣೆ: ಉತ್ತರಪ್ರದೇಶದ ಪಂಚಾಯಿತಿ ಚುನಾವಣೆಯ ಜೊತೆಗೆ ಪಶ್ಚಿಮ ಬಂಗಾಳ 294, ತಮಿಳುನಾಡಿನ 234, ಕೇರಳದ 140, ಅಸ್ಸಾಂನ 126 ಮತ್ತು ಪುದುಚೇರಿಯ 30 ವಿಧಾನಸಭಾ ಕ್ಷೇತ್ರಗಳಿಗೆ ಚುನಾವಣೆ ನಡೆಯುತ್ತಿದೆ. ಮೇ 2ರಂದು ಫಲಿತಾಂಶ ಹೊರ ಬೀಳಲಿದೆ.
'ಸಿಡಿ' ಪ್ರಕರಣದ
ವೈಜ್ಞಾನಿಕ ತನಿಖೆ
ಬೆಂಗಳೂರು, ಮಾ.27(ಕೆಎಂ)- ರಮೇಶ್ ಜಾರಕಿಹೊಳಿ ಸಿಡಿ ಪ್ರಕರಣದಲ್ಲಿ ಆಡಿಯೋ ಮತ್ತು ವಿಡಿಯೋಗಳ ಸತ್ಯಾಸತ್ಯತೆ ತಿಳಿಯಲು ವೈಜ್ಞಾನಿಕ ತನಿಖೆ ನಡೆಸಲಾಗುತ್ತಿದೆ. ಸಿಡಿಯನ್ನು ವಿಧಿವಿಜ್ಞಾನ ಪ್ರಯೋಗಾಲಯಕ್ಕೆ ಕಳುಹಿಸಲಾಗಿದೆ. ವರದಿ ಬಂದ ನಂತರ ಮುಂದಿನ ಕ್ರಮ ಕೈಗೊಳ್ಳಲಾಗುವುದು ಎಂದು ಗೃಹ ಸಚಿವ ಬಸವರಾಜ ಬೊಮ್ಮಾಯಿ ತಿಳಿಸಿದರು. ತನಿಖೆಯನ್ನು ತ್ವರಿತಗೊಳಿಸುವಂತೆ ಎಸ್‍ಐಟಿಗೆ ಸೂಚನೆ ನೀಡಲಾಗಿದೆ ಎಂದರು.
